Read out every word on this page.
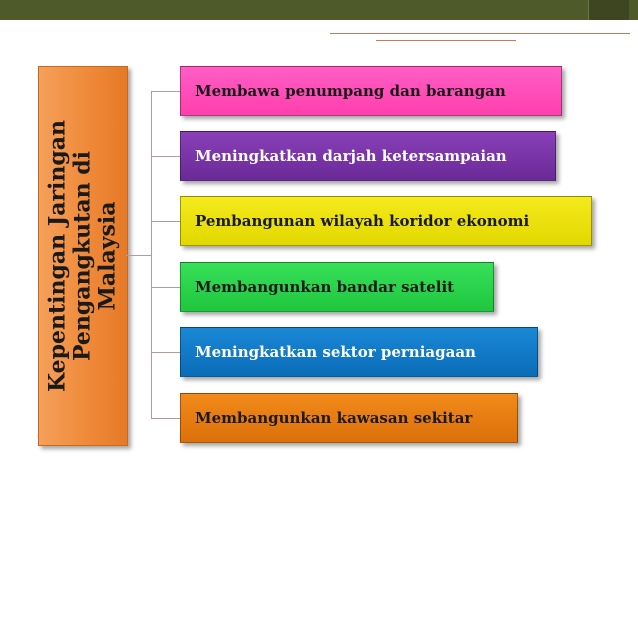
Kepentingan Jaringan Pengangkutan di Malaysia
Membawa penumpang dan barangan
Meningkatkan darjah ketersampaian
Pembangunan wilayah koridor ekonomi
Membangunkan bandar satelit
Meningkatkan sektor perniagaan
Membangunkan kawasan sekitar
